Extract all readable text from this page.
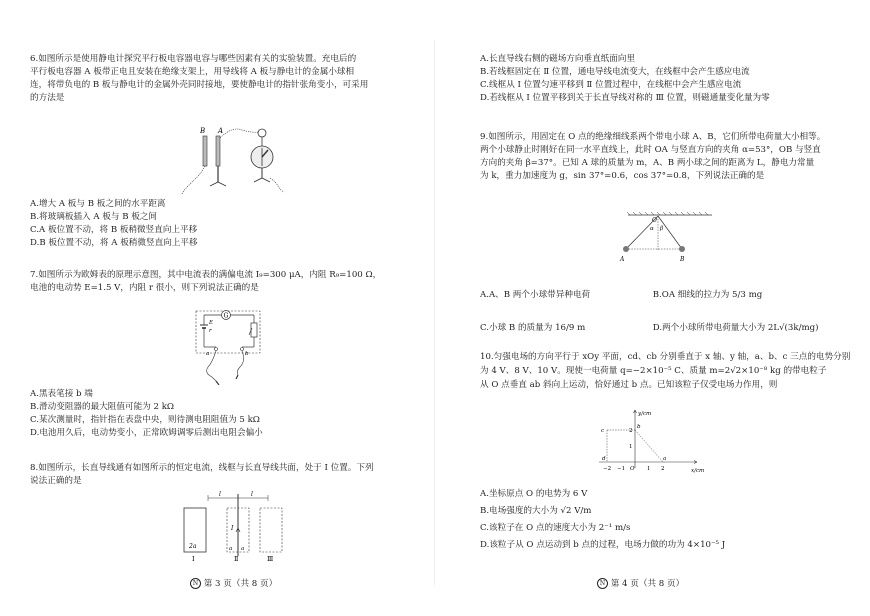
6.如图所示是使用静电计探究平行板电容器电容与哪些因素有关的实验装置。充电后的
平行板电容器 A 板带正电且安装在绝缘支架上，用导线将 A 板与静电计的金属小球相
连，将带负电的 B 板与静电计的金属外壳同时接地，要使静电计的指针张角变小，可采用
的方法是
B A
A.增大 A 板与 B 板之间的水平距离
B.将玻璃板插入 A 板与 B 板之间
C.A 板位置不动，将 B 板稍微竖直向上平移
D.B 板位置不动，将 A 板稍微竖直向上平移
7.如图所示为欧姆表的原理示意图，其中电流表的满偏电流 I₉=300 μA，内阻 R₉=100 Ω，
电池的电动势 E=1.5 V，内阻 r 很小，则下列说法正确的是
G
E
r
a	b
A.黑表笔接 b 端
B.滑动变阻器的最大阻值可能为 2 kΩ
C.某次测量时，指针指在表盘中央，则待测电阻阻值为 5 kΩ
D.电池用久后，电动势变小，正常欧姆调零后测出电阻会偏小
8.如图所示，长直导线通有如图所示的恒定电流，线框与长直导线共面，处于 I 位置。下列
说法正确的是
l	l
I
2a	a a
Ⅰ	Ⅱ	Ⅲ
N 第 3 页（共 8 页）
A.长直导线右侧的磁场方向垂直纸面向里
B.若线框固定在 Ⅱ 位置，通电导线电流变大，在线框中会产生感应电流
C.线框从 Ⅰ 位置匀速平移到 Ⅱ 位置过程中，在线框中会产生感应电流
D.若线框从 Ⅰ 位置平移到关于长直导线对称的 Ⅲ 位置，则磁通量变化量为零
9.如图所示，用固定在 O 点的绝缘细线系两个带电小球 A、B，它们所带电荷量大小相等。
两个小球静止时刚好在同一水平直线上，此时 OA 与竖直方向的夹角 α=53°，OB 与竖直
方向的夹角 β=37°。已知 A 球的质量为 m，A、B 两小球之间的距离为 L，静电力常量
为 k，重力加速度为 g，sin 37°=0.6，cos 37°=0.8，下列说法正确的是
O
α β
A	B
A.A、B 两个小球带异种电荷	B.OA 细线的拉力为 5/3 mg
C.小球 B 的质量为 16/9 m	D.两个小球所带电荷量大小为 2L√(3k/mg)
10.匀强电场的方向平行于 xOy 平面，cd、cb 分别垂直于 x 轴、y 轴，a、b、c 三点的电势分别
为 4 V、8 V、10 V。现使一电荷量 q=−2×10⁻⁵ C、质量 m=2√2×10⁻⁸ kg 的带电粒子
从 O 点垂直 ab 斜向上运动，恰好通过 b 点。已知该粒子仅受电场力作用，则
x/cm
y/cm
c
b
d	a
2
1
−2 −1 O 1 2
A.坐标原点 O 的电势为 6 V
B.电场强度的大小为 √2 V/m
C.该粒子在 O 点的速度大小为 2⁻¹ m/s
D.该粒子从 O 点运动到 b 点的过程，电场力做的功为 4×10⁻⁵ J
N 第 4 页（共 8 页）
